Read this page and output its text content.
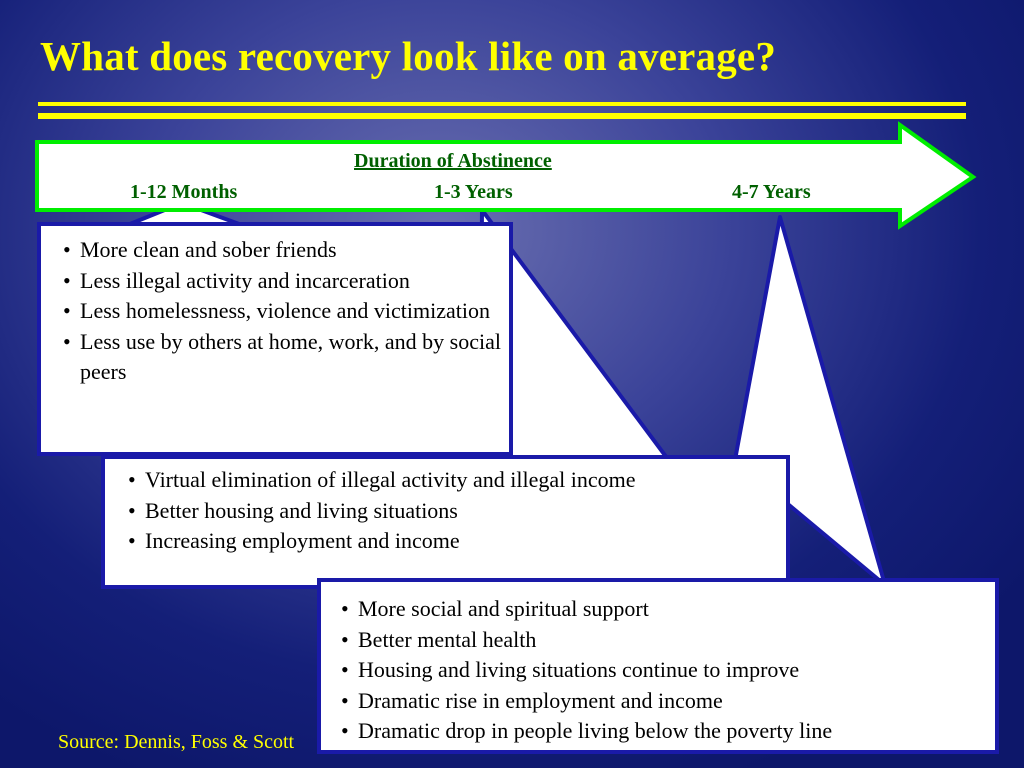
What does recovery look like on average?
Duration of Abstinence
1-12 Months	1-3 Years	4-7 Years
• More clean and sober friends
• Less illegal activity and incarceration
• Less homelessness, violence and victimization
• Less use by others at home, work, and by social peers
• Virtual elimination of illegal activity and illegal income
• Better housing and living situations
• Increasing employment and income
Source: Dennis, Foss & Scott
• More social and spiritual support
• Better mental health
• Housing and living situations continue to improve
• Dramatic rise in employment and income
• Dramatic drop in people living below the poverty line
